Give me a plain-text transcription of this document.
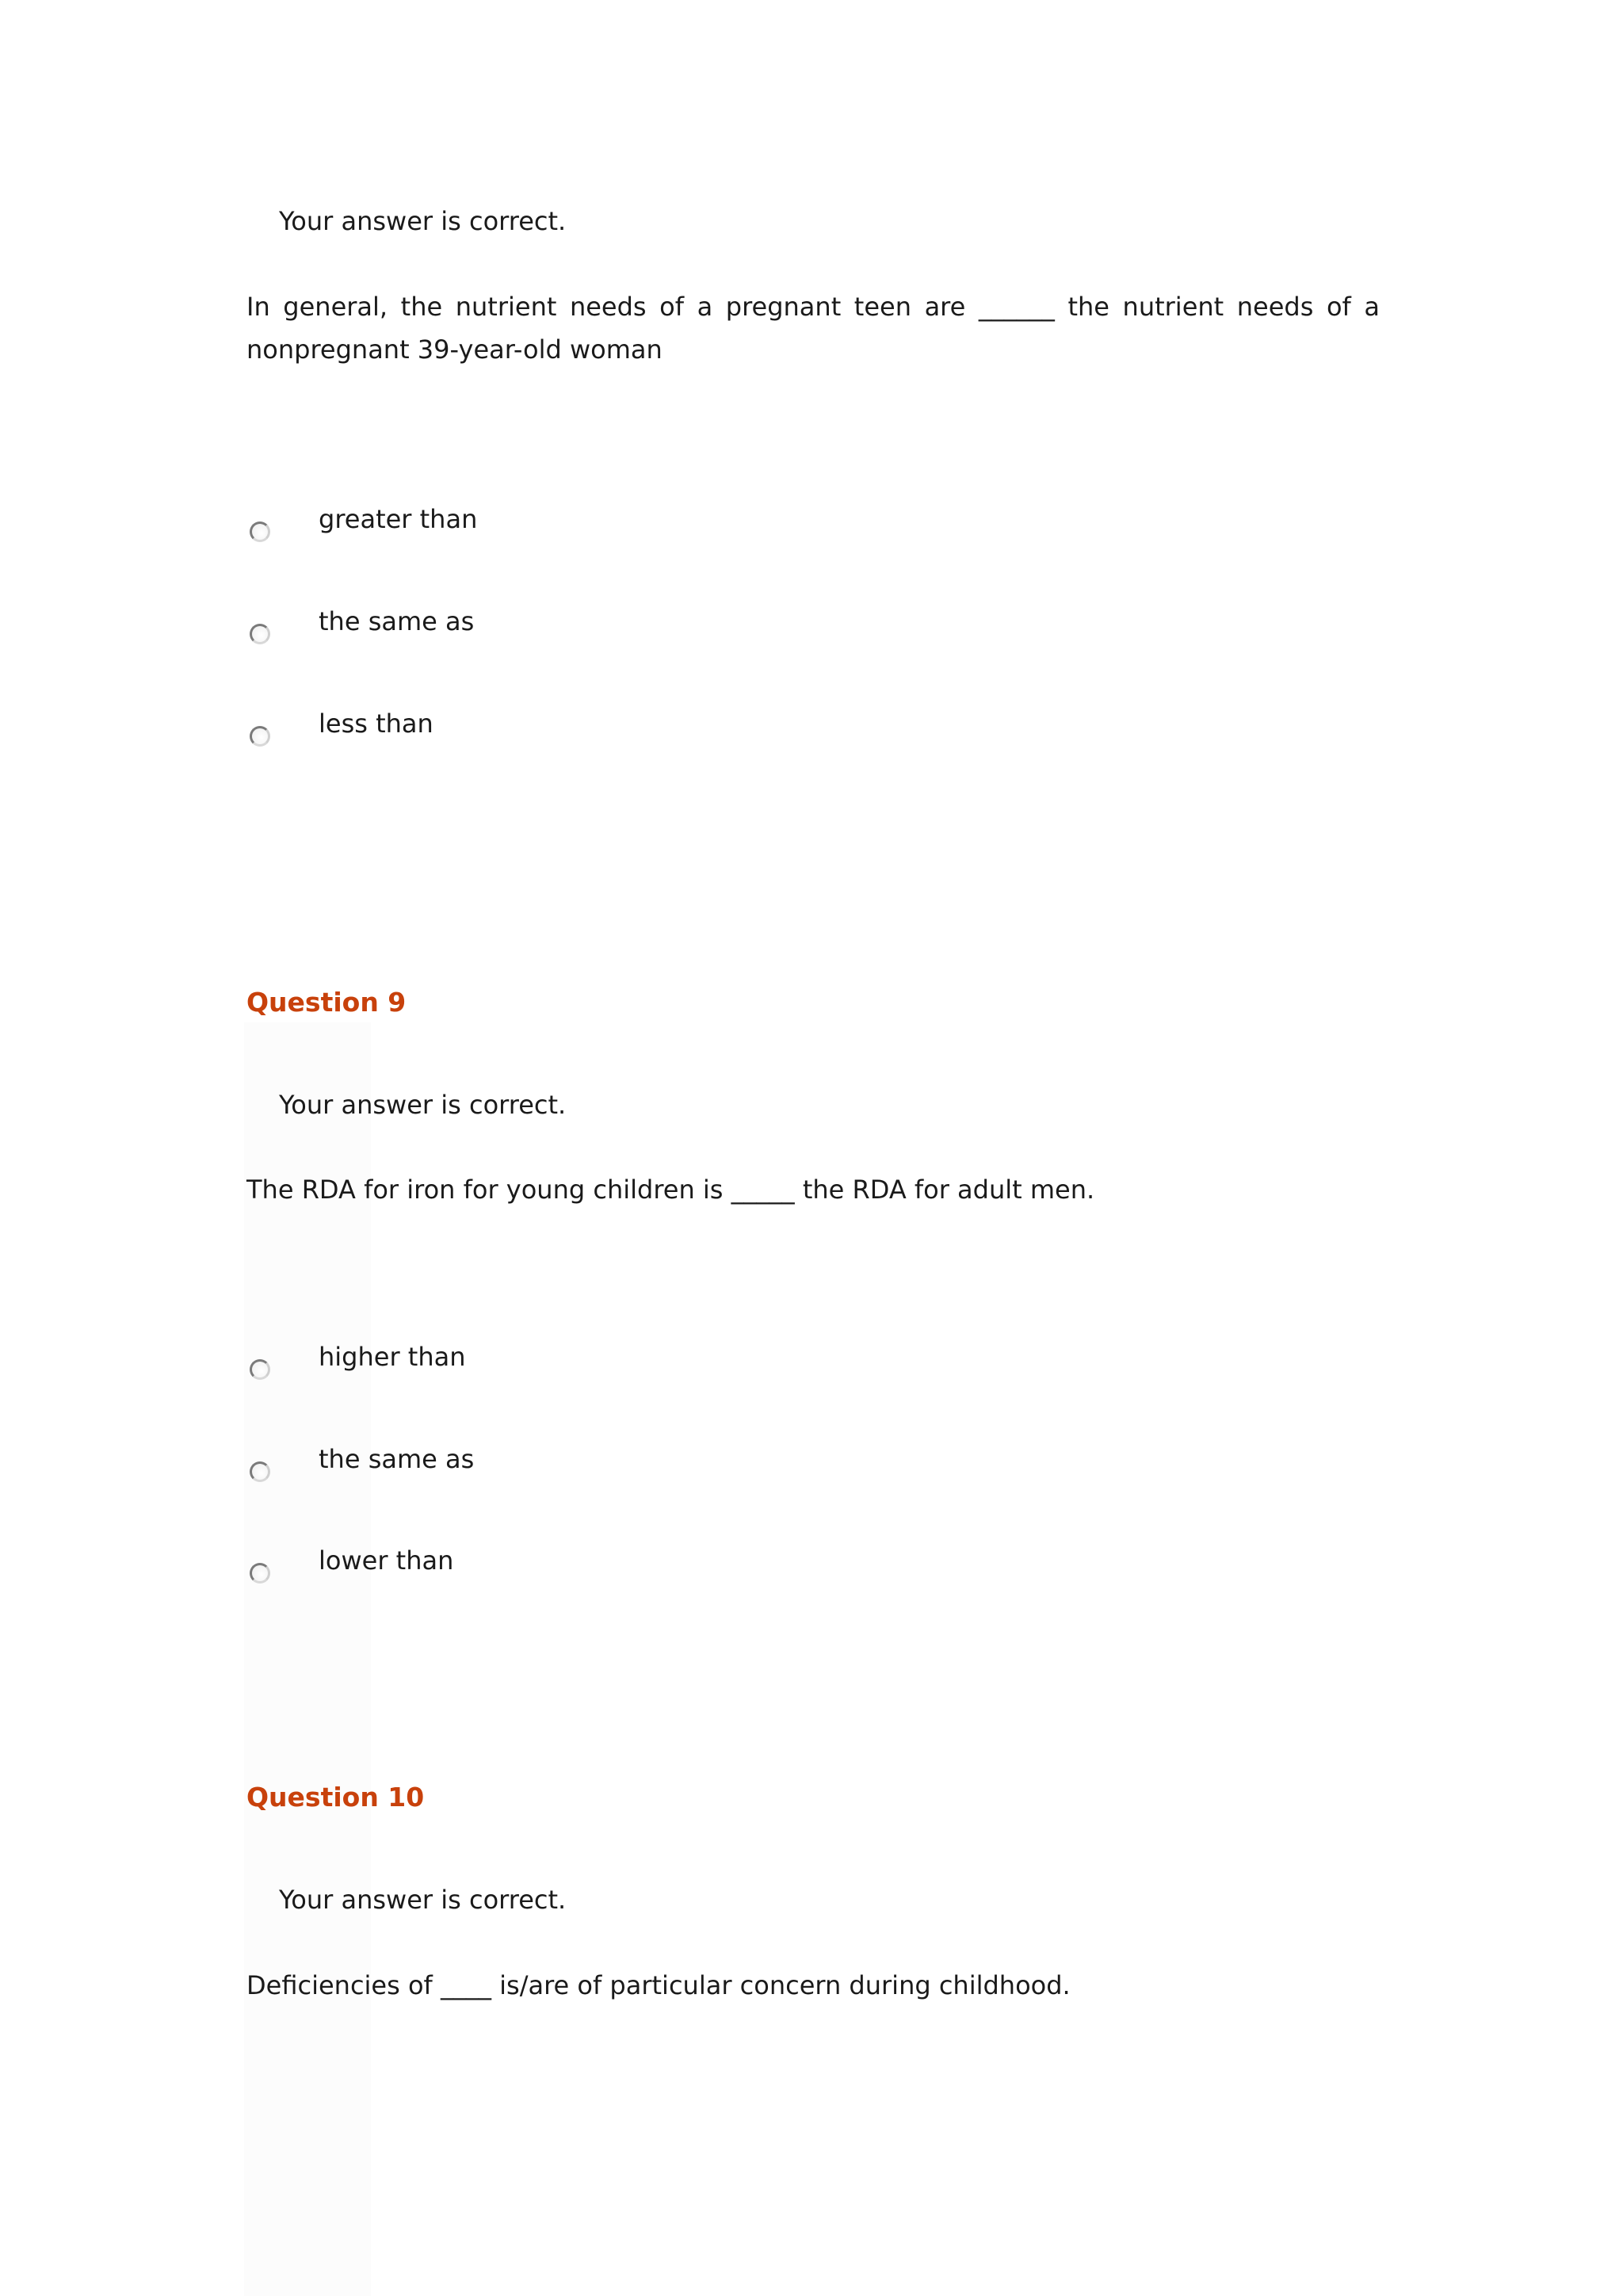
Your answer is correct.
In general, the nutrient needs of a pregnant teen are ______ the nutrient needs of a nonpregnant 39-year-old woman
greater than
the same as
less than
Question 9
Your answer is correct.
The RDA for iron for young children is _____ the RDA for adult men.
higher than
the same as
lower than
Question 10
Your answer is correct.
Deficiencies of ____ is/are of particular concern during childhood.
